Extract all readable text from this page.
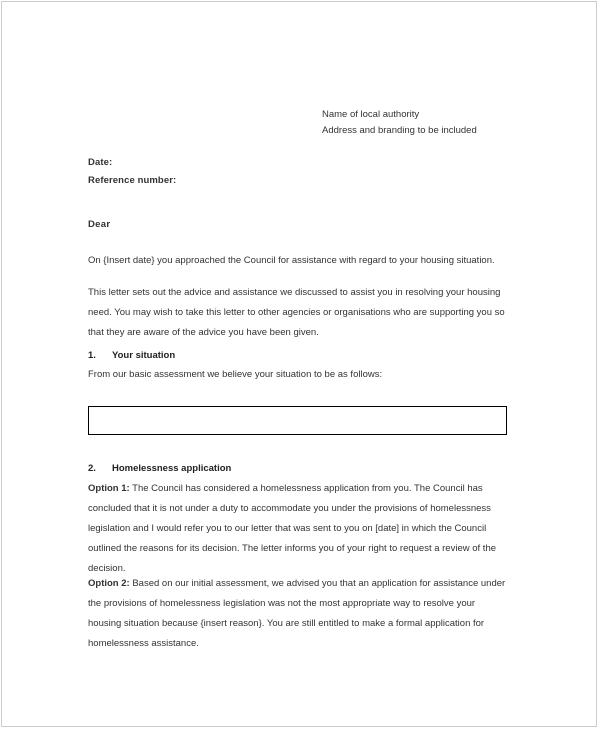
Name of local authority
Address and branding to be included
Date:
Reference number:
Dear
On {Insert date} you approached the Council for assistance with regard to your housing situation.
This letter sets out the advice and assistance we discussed to assist you in resolving your housing need. You may wish to take this letter to other agencies or organisations who are supporting you so that they are aware of the advice you have been given.
1. Your situation
From our basic assessment we believe your situation to be as follows:
2. Homelessness application
Option 1: The Council has considered a homelessness application from you. The Council has concluded that it is not under a duty to accommodate you under the provisions of homelessness legislation and I would refer you to our letter that was sent to you on [date] in which the Council outlined the reasons for its decision. The letter informs you of your right to request a review of the decision.
Option 2: Based on our initial assessment, we advised you that an application for assistance under the provisions of homelessness legislation was not the most appropriate way to resolve your housing situation because {insert reason}. You are still entitled to make a formal application for homelessness assistance.
